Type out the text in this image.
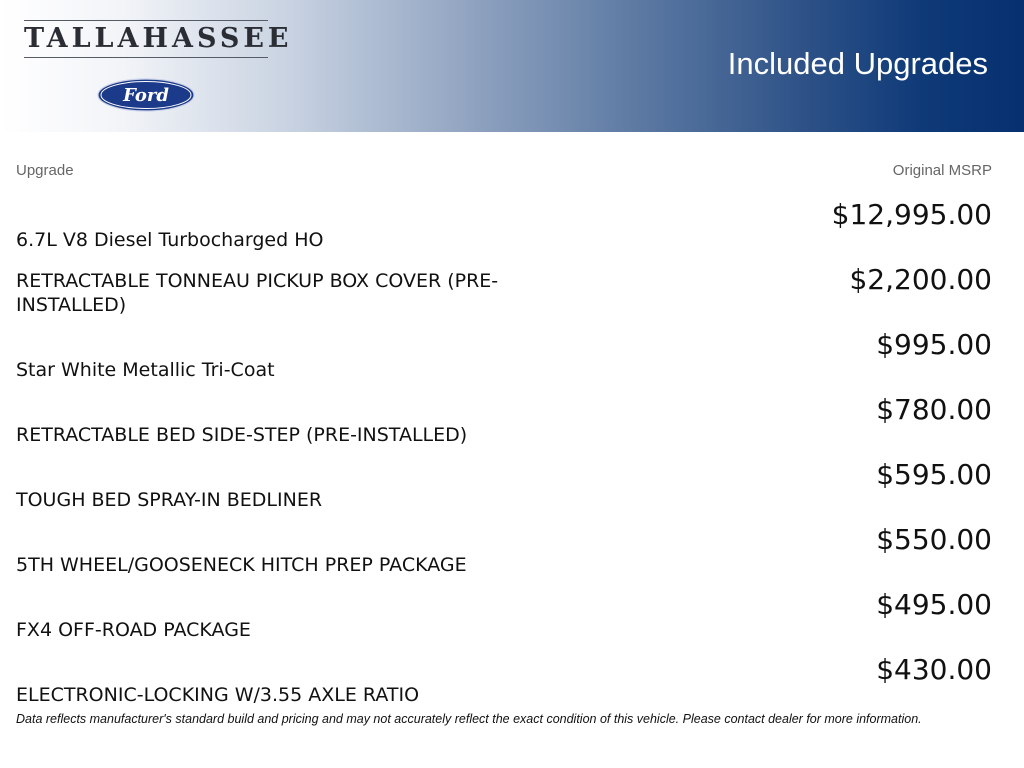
TALLAHASSEE
Ford
Included Upgrades
Upgrade	Original MSRP
6.7L V8 Diesel Turbocharged HO
$12,995.00
RETRACTABLE TONNEAU PICKUP BOX COVER (PRE-INSTALLED)
$2,200.00
Star White Metallic Tri-Coat
$995.00
RETRACTABLE BED SIDE-STEP (PRE-INSTALLED)
$780.00
TOUGH BED SPRAY-IN BEDLINER
$595.00
5TH WHEEL/GOOSENECK HITCH PREP PACKAGE
$550.00
FX4 OFF-ROAD PACKAGE
$495.00
ELECTRONIC-LOCKING W/3.55 AXLE RATIO
$430.00
Data reflects manufacturer's standard build and pricing and may not accurately reflect the exact condition of this vehicle. Please contact dealer for more information.
